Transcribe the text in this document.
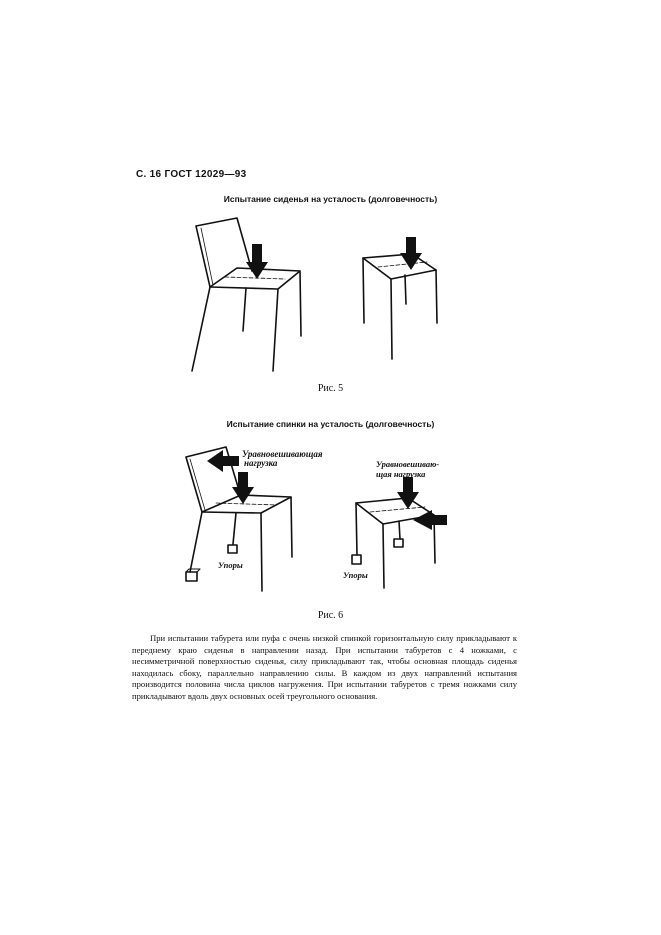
С. 16 ГОСТ 12029—93
Испытание сиденья на усталость (долговечность)
Уравновешивающая
нагрузка	Уравновешиваю-
щая нагрузка
Упоры
Упоры
Рис. 5
Испытание спинки на усталость (долговечность)
Рис. 6

При испытании табурета или пуфа с очень низкой спинкой горизонтальную силу прикладывают к переднему краю сиденья в направлении назад. При испытании табуретов с 4 ножками, с несимметричной поверхностью сиденья, силу прикладывают так, чтобы основная площадь сиденья находилась сбоку, параллельно направлению силы. В каждом из двух направлений испытания производится половина числа циклов нагружения. При испытании табуретов с тремя ножками силу прикладывают вдоль двух основных осей треугольного основания.
